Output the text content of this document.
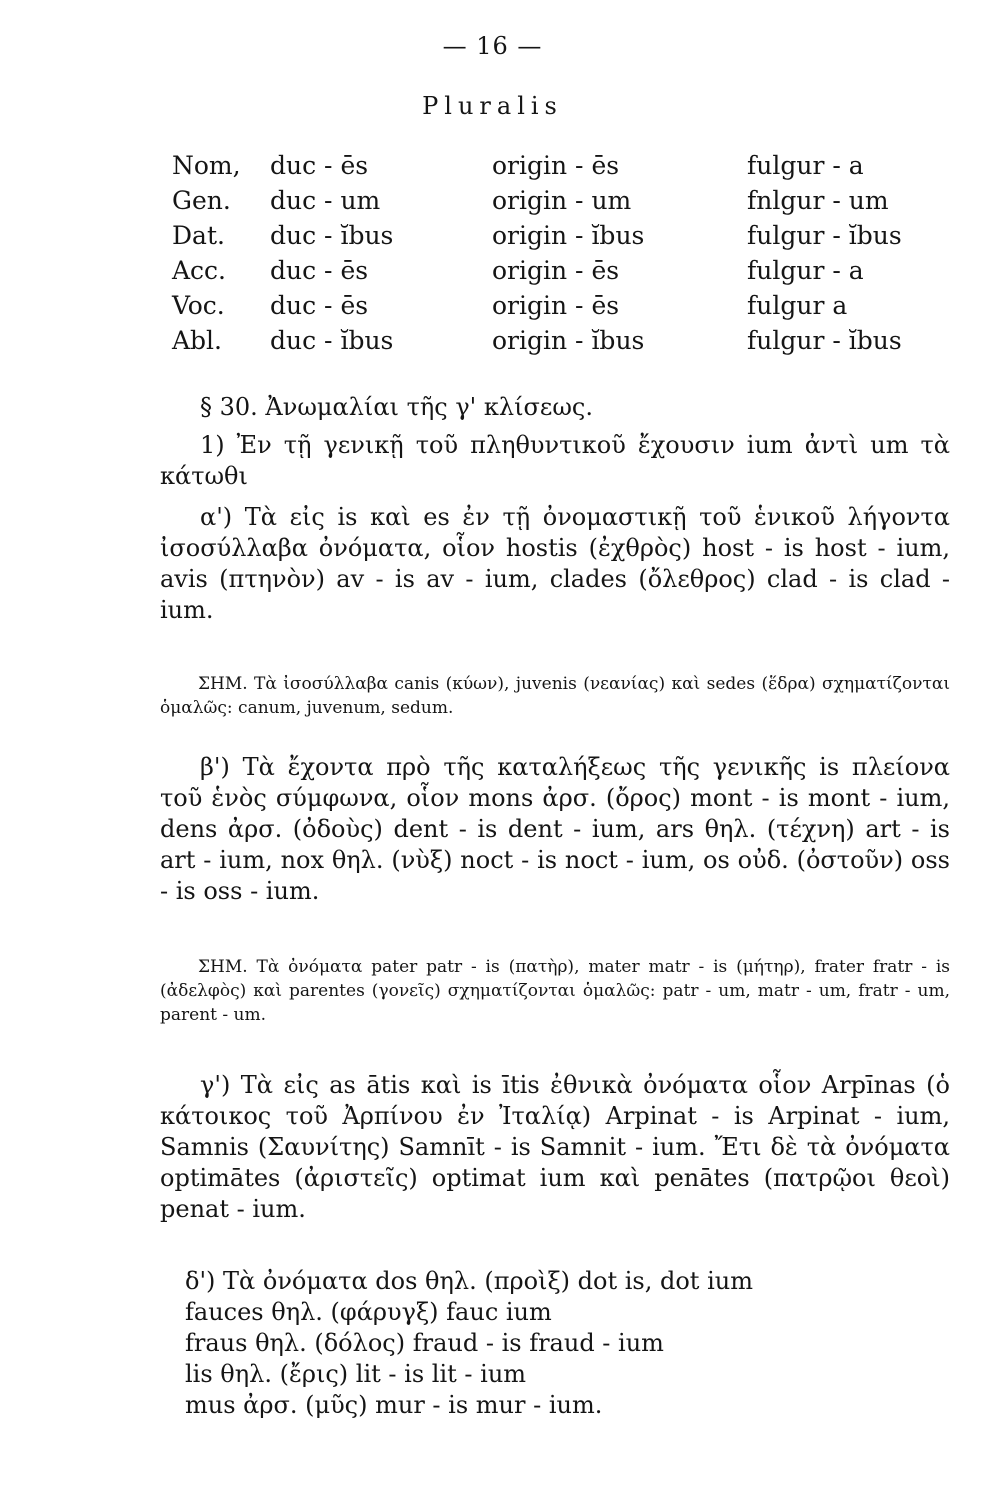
— 16 —
Pluralis
Nom,
Gen.
Dat.
Acc.
Voc.
Abl.
duc - ēs
duc - um
duc - ĭbus
duc - ēs
duc - ēs
duc - ĭbus
origin - ēs
origin - um
origin - ĭbus
origin - ēs
origin - ēs
origin - ĭbus
fulgur - a
fnlgur - um
fulgur - ĭbus
fulgur - a
fulgur a
fulgur - ĭbus
§ 30. Ἀνωμαλίαι τῆς γ' κλίσεως.
1) Ἐν τῇ γενικῇ τοῦ πληθυντικοῦ ἔχουσιν ium ἀντὶ um τὰ κάτωθι
α') Τὰ εἰς is καὶ es ἐν τῇ ὀνομαστικῇ τοῦ ἑνικοῦ λήγοντα ἰσοσύλλαβα ὀνόματα, οἷον hostis (ἐχθρὸς) host - is host - ium, avis (πτηνὸν) av - is av - ium, clades (ὄλεθρος) clad - is clad - ium.
ΣΗΜ. Τὰ ἰσοσύλλαβα canis (κύων), juvenis (νεανίας) καὶ sedes (ἕδρα) σχηματίζονται ὁμαλῶς: canum, juvenum, sedum.
β') Τὰ ἔχοντα πρὸ τῆς καταλήξεως τῆς γενικῆς is πλείονα τοῦ ἑνὸς σύμφωνα, οἷον mons ἀρσ. (ὄρος) mont - is mont - ium, dens ἀρσ. (ὀδοὺς) dent - is dent - ium, ars θηλ. (τέχνη) art - is art - ium, nox θηλ. (νὺξ) noct - is noct - ium, os οὐδ. (ὀστοῦν) oss - is oss - ium.
ΣΗΜ. Τὰ ὀνόματα pater patr - is (πατὴρ), mater matr - is (μήτηρ), frater fratr - is (ἀδελφὸς) καὶ parentes (γονεῖς) σχηματίζονται ὁμαλῶς: patr - um, matr - um, fratr - um, parent - um.
γ') Τὰ εἰς as ātis καὶ is ītis ἐθνικὰ ὀνόματα οἷον Arpīnas (ὁ κάτοικος τοῦ Ἀρπίνου ἐν Ἰταλίᾳ) Arpinat - is Arpinat - ium, Samnis (Σαυνίτης) Samnīt - is Samnit - ium. Ἔτι δὲ τὰ ὀνόματα optimātes (ἀριστεῖς) optimat ium καὶ penātes (πατρῷοι θεοὶ) penat - ium.
δ') Τὰ ὀνόματα dos θηλ. (προὶξ) dot is, dot ium
fauces θηλ. (φάρυγξ) fauc ium
fraus θηλ. (δόλος) fraud - is fraud - ium
lis θηλ. (ἔρις) lit - is lit - ium
mus ἀρσ. (μῦς) mur - is mur - ium.
